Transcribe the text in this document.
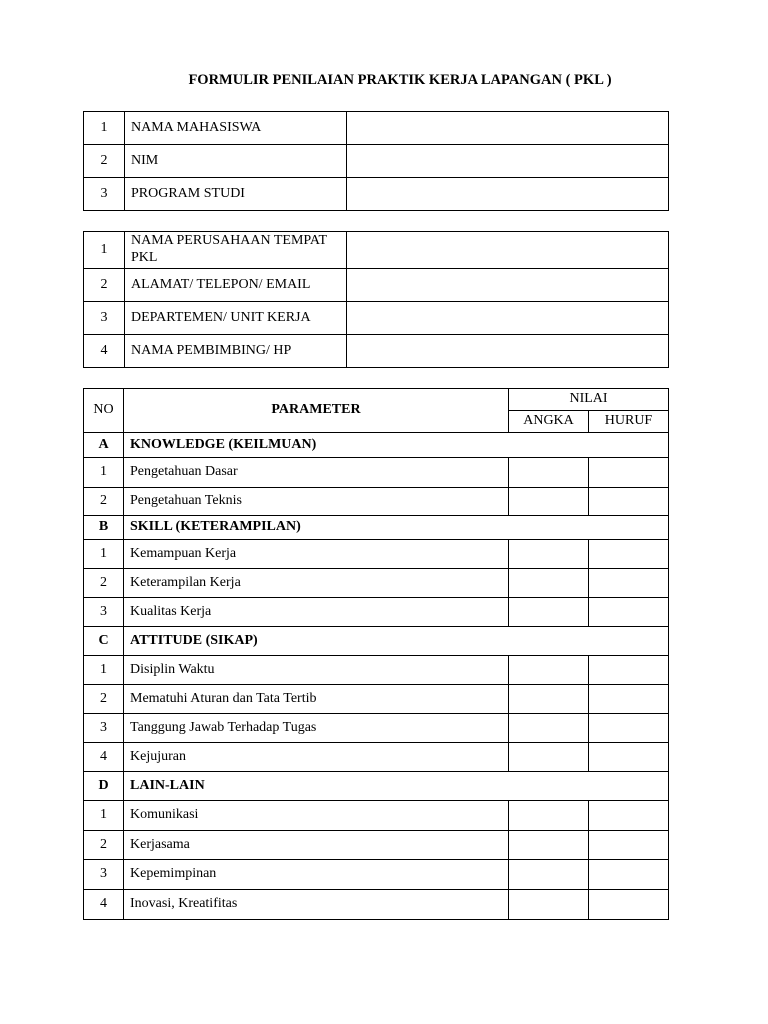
FORMULIR PENILAIAN PRAKTIK KERJA LAPANGAN ( PKL )
1	NAMA MAHASISWA	
2	NIM	
3	PROGRAM STUDI	
1	NAMA PERUSAHAAN TEMPAT PKL	
2	ALAMAT/ TELEPON/ EMAIL	
3	DEPARTEMEN/ UNIT KERJA	
4	NAMA PEMBIMBING/ HP	
NO	PARAMETER	NILAI	
		ANGKA	HURUF
A	KNOWLEDGE (KEILMUAN)		
1	Pengetahuan Dasar		
2	Pengetahuan Teknis		
B	SKILL (KETERAMPILAN)		
1	Kemampuan Kerja		
2	Keterampilan Kerja		
3	Kualitas Kerja		
C	ATTITUDE (SIKAP)		
1	Disiplin Waktu		
2	Mematuhi Aturan dan Tata Tertib		
3	Tanggung Jawab Terhadap Tugas		
4	Kejujuran		
D	LAIN-LAIN		
1	Komunikasi		
2	Kerjasama		
3	Kepemimpinan		
4	Inovasi, Kreatifitas		
